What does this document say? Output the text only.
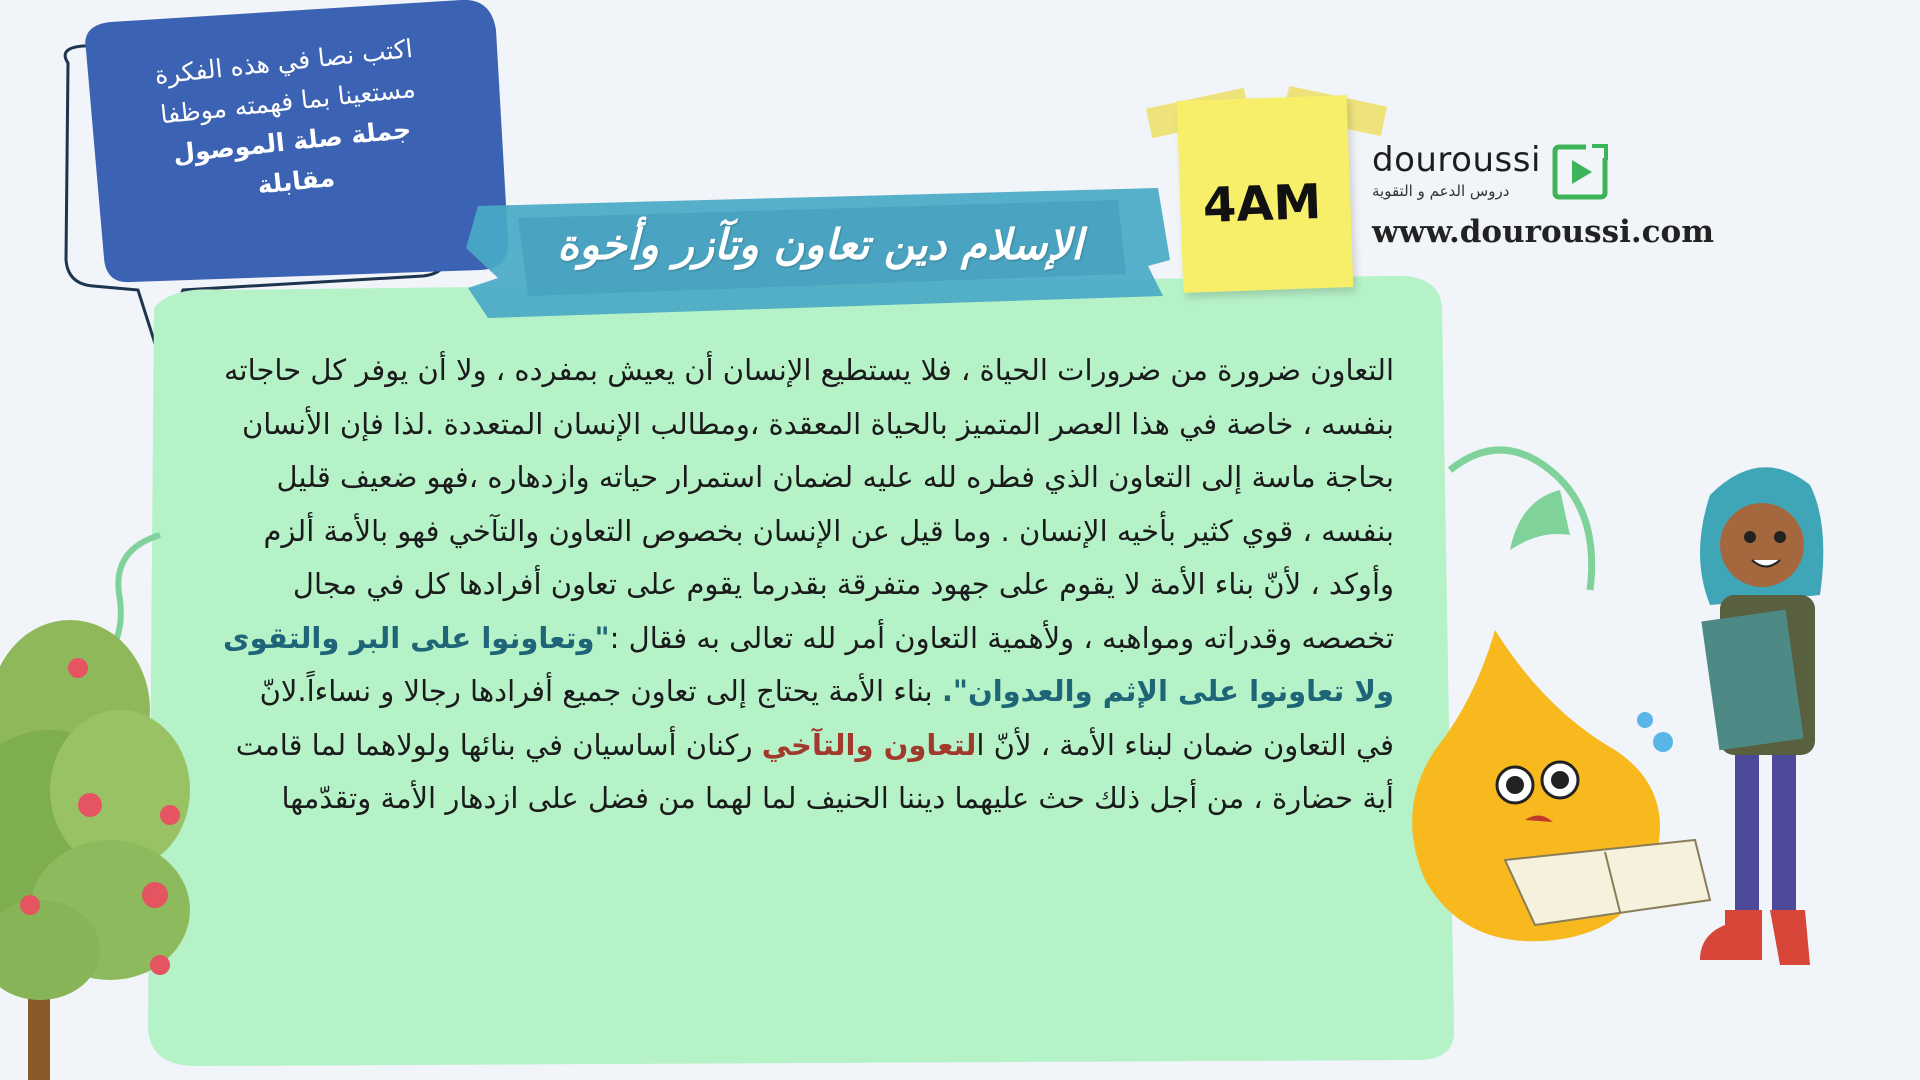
اكتب نصا في هذه الفكرة
مستعينا بما فهمته موظفا
جملة صلة الموصول
مقابلة
الإسلام دين تعاون وتآزر وأخوة
4AM
douroussi
دروس الدعم و التقوية
www.douroussi.com
التعاون ضرورة من ضرورات الحياة ، فلا يستطيع الإنسان أن يعيش بمفرده ، ولا أن يوفر كل حاجاته بنفسه ، خاصة في هذا العصر المتميز بالحياة المعقدة ،ومطالب الإنسان المتعددة .لذا فإن الأنسان بحاجة ماسة إلى التعاون الذي فطره لله عليه لضمان استمرار حياته وازدهاره ،فهو ضعيف قليل بنفسه ، قوي كثير بأخيه الإنسان . وما قيل عن الإنسان بخصوص التعاون والتآخي فهو بالأمة ألزم وأوكد ، لأنّ بناء الأمة لا يقوم على جهود متفرقة بقدرما يقوم على تعاون أفرادها كل في مجال تخصصه وقدراته ومواهبه ، ولأهمية التعاون أمر لله تعالى به فقال :"وتعاونوا على البر والتقوى ولا تعاونوا على الإثم والعدوان". بناء الأمة يحتاج إلى تعاون جميع أفرادها رجالا و نساءاً.لانّ في التعاون ضمان لبناء الأمة ، لأنّ التعاون والتآخي ركنان أساسيان في بنائها ولولاهما لما قامت أية حضارة ، من أجل ذلك حث عليهما ديننا الحنيف لما لهما من فضل على ازدهار الأمة وتقدّمها
